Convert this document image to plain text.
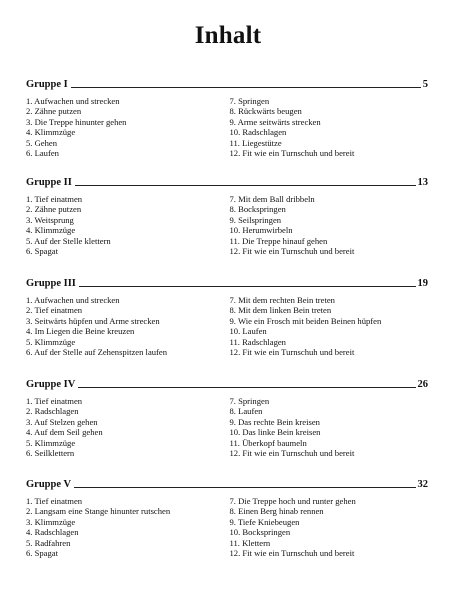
Inhalt
Gruppe I	5
1. Aufwachen und strecken
2. Zähne putzen
3. Die Treppe hinunter gehen
4. Klimmzüge
5. Gehen
6. Laufen
7. Springen
8. Rückwärts beugen
9. Arme seitwärts strecken
10. Radschlagen
11. Liegestütze
12. Fit wie ein Turnschuh und bereit
Gruppe II	13
1. Tief einatmen
2. Zähne putzen
3. Weitsprung
4. Klimmzüge
5. Auf der Stelle klettern
6. Spagat
7. Mit dem Ball dribbeln
8. Bockspringen
9. Seilspringen
10. Herumwirbeln
11. Die Treppe hinauf gehen
12. Fit wie ein Turnschuh und bereit
Gruppe III	19
1. Aufwachen und strecken
2. Tief einatmen
3. Seitwärts hüpfen und Arme strecken
4. Im Liegen die Beine kreuzen
5. Klimmzüge
6. Auf der Stelle auf Zehenspitzen laufen
7. Mit dem rechten Bein treten
8. Mit dem linken Bein treten
9. Wie ein Frosch mit beiden Beinen hüpfen
10. Laufen
11. Radschlagen
12. Fit wie ein Turnschuh und bereit
Gruppe IV	26
1. Tief einatmen
2. Radschlagen
3. Auf Stelzen gehen
4. Auf dem Seil gehen
5. Klimmzüge
6. Seilklettern
7. Springen
8. Laufen
9. Das rechte Bein kreisen
10. Das linke Bein kreisen
11. Überkopf baumeln
12. Fit wie ein Turnschuh und bereit
Gruppe V	32
1. Tief einatmen
2. Langsam eine Stange hinunter rutschen
3. Klimmzüge
4. Radschlagen
5. Radfahren
6. Spagat
7. Die Treppe hoch und runter gehen
8. Einen Berg hinab rennen
9. Tiefe Kniebeugen
10. Bockspringen
11. Klettern
12. Fit wie ein Turnschuh und bereit
